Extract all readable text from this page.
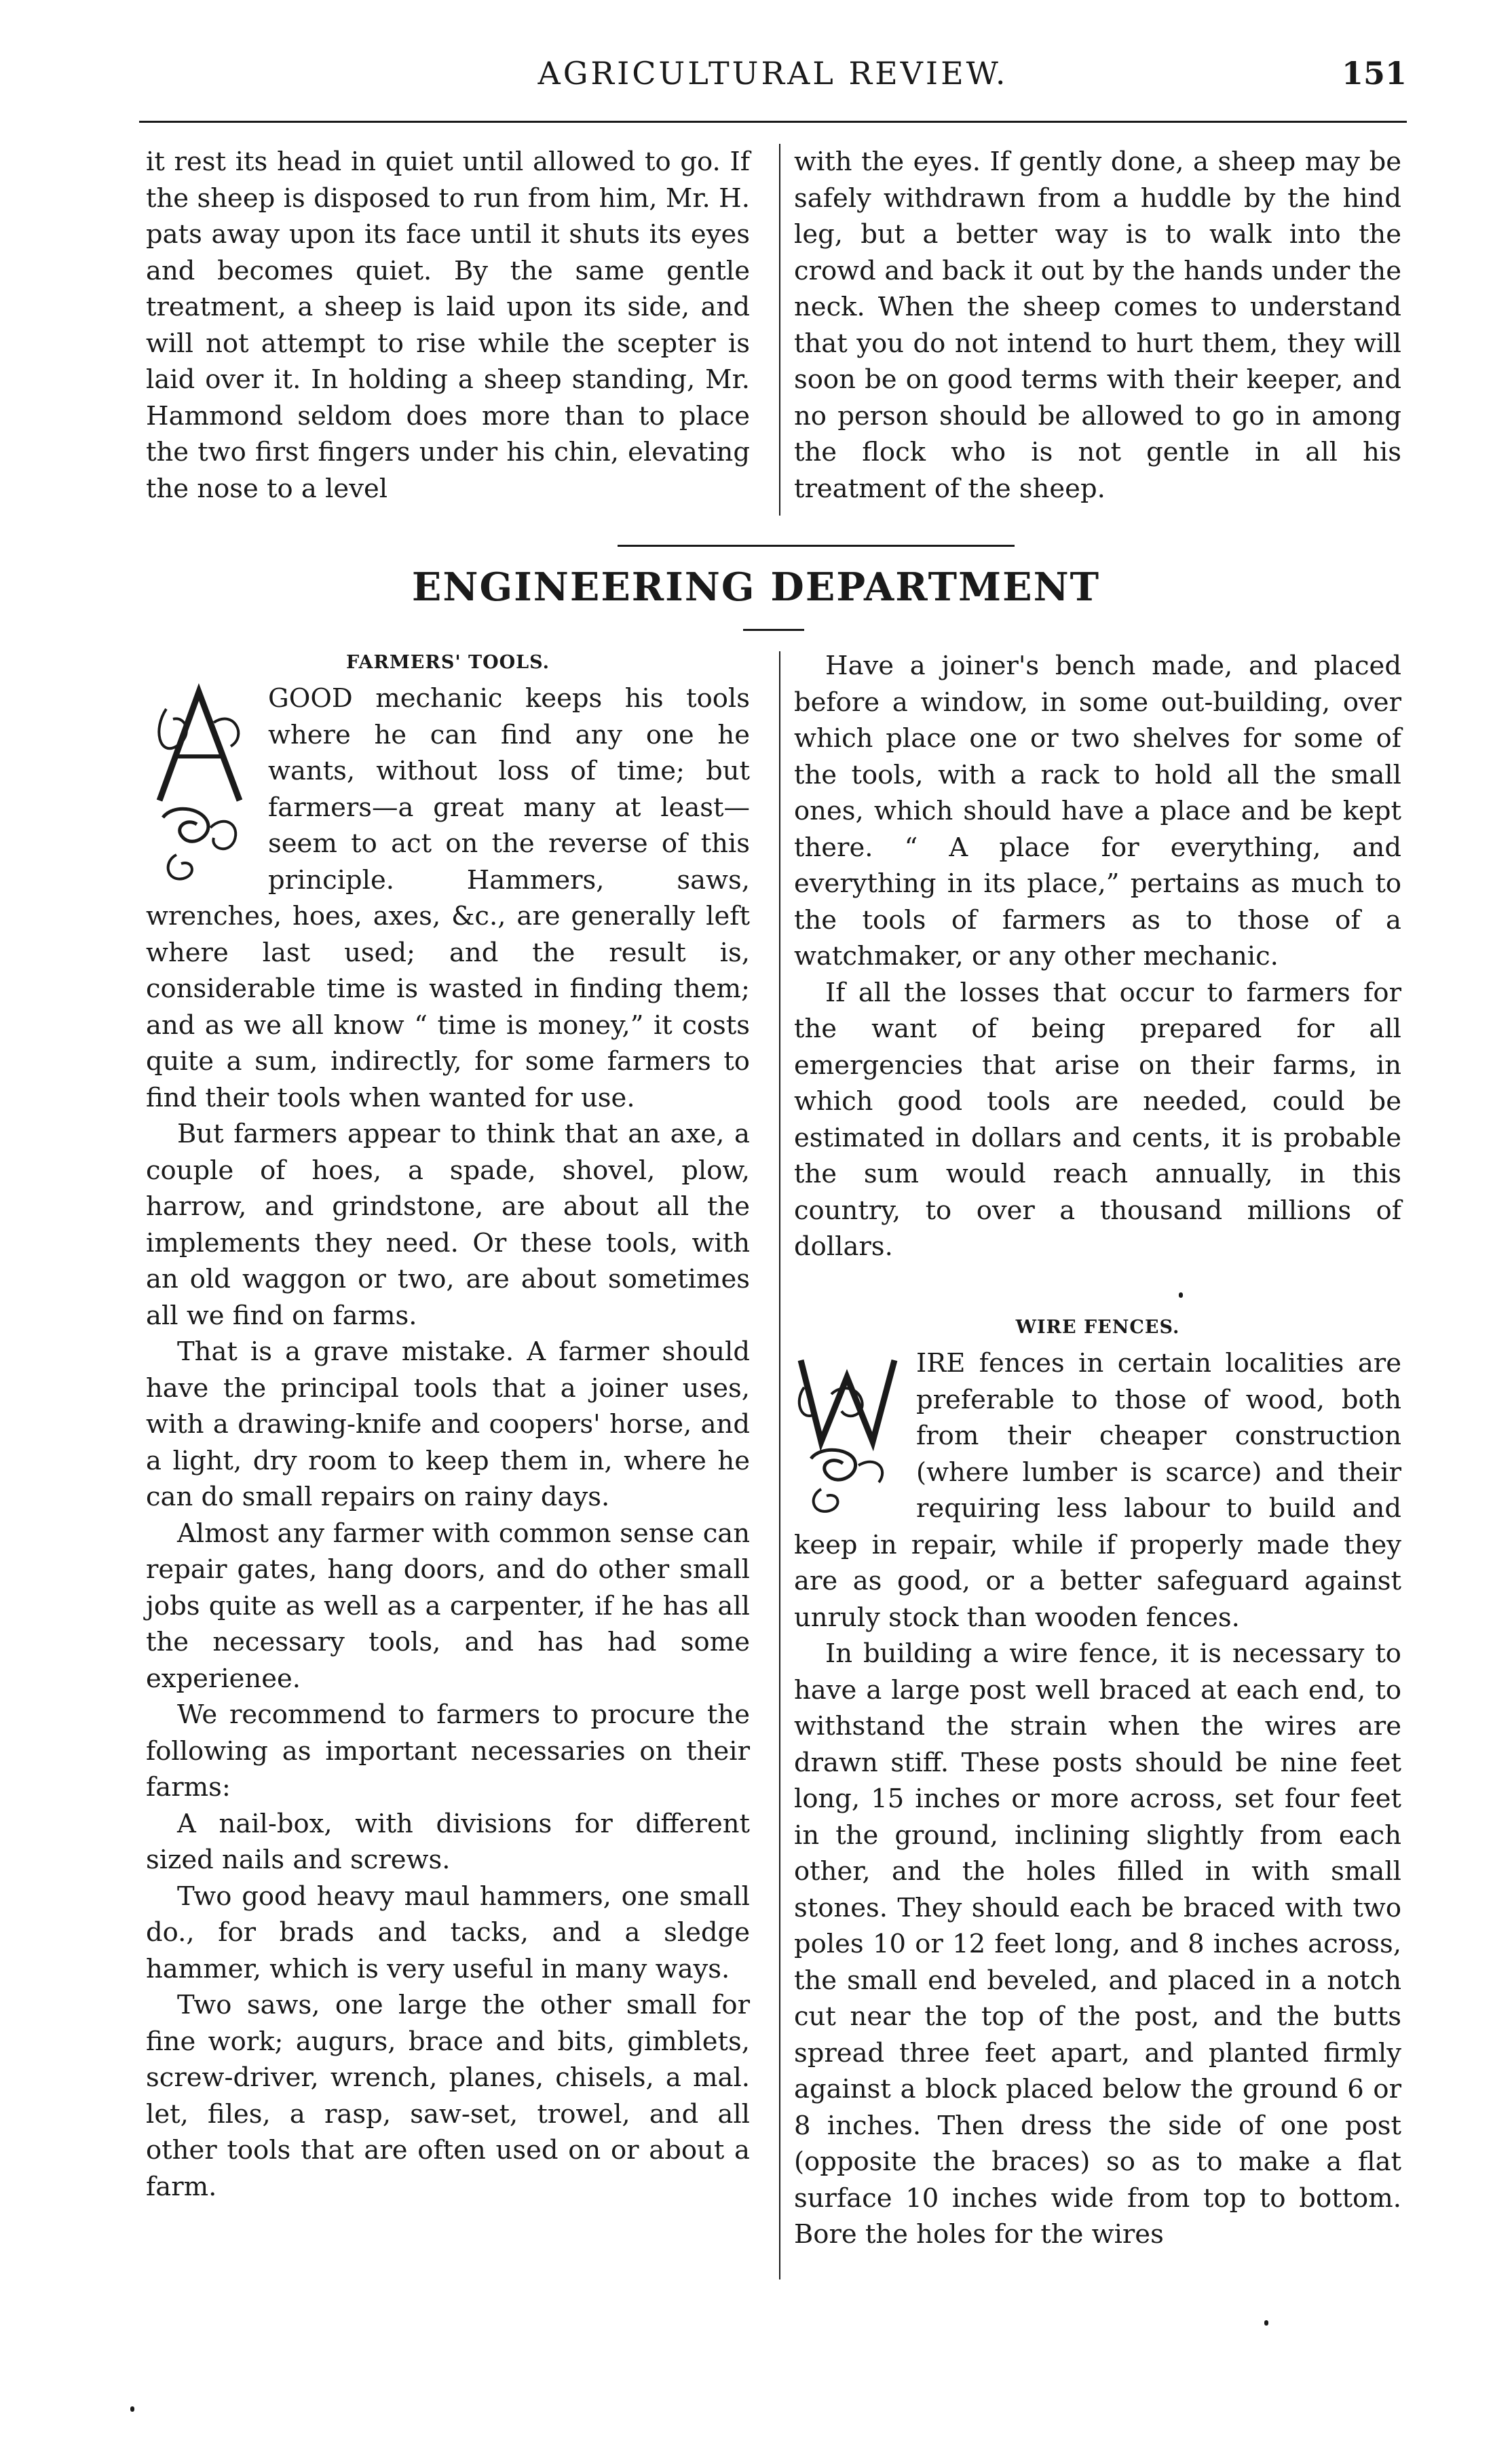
AGRICULTURAL REVIEW.	151

it rest its head in quiet until allowed to go. If the sheep is disposed to run from him, Mr. H. pats away upon its face until it shuts its eyes and becomes quiet. By the same gentle treatment, a sheep is laid upon its side, and will not attempt to rise while the scepter is laid over it. In holding a sheep standing, Mr. Hammond seldom does more than to place the two first fingers under his chin, elevating the nose to a level

with the eyes. If gently done, a sheep may be safely withdrawn from a huddle by the hind leg, but a better way is to walk into the crowd and back it out by the hands under the neck. When the sheep comes to understand that you do not intend to hurt them, they will soon be on good terms with their keeper, and no person should be allowed to go in among the flock who is not gentle in all his treatment of the sheep.

ENGINEERING DEPARTMENT
FARMERS' TOOLS.

GOOD mechanic keeps his tools where he can find any one he wants, without loss of time; but farmers—a great many at least—seem to act on the reverse of this principle. Hammers, saws, wrenches, hoes, axes, &c., are generally left where last used; and the result is, considerable time is wasted in finding them; and as we all know “ time is money,” it costs quite a sum, indirectly, for some farmers to find their tools when wanted for use.

But farmers appear to think that an axe, a couple of hoes, a spade, shovel, plow, harrow, and grindstone, are about all the implements they need. Or these tools, with an old waggon or two, are about sometimes all we find on farms.

That is a grave mistake. A farmer should have the principal tools that a joiner uses, with a drawing-knife and coopers' horse, and a light, dry room to keep them in, where he can do small repairs on rainy days.

Almost any farmer with common sense can repair gates, hang doors, and do other small jobs quite as well as a carpenter, if he has all the necessary tools, and has had some experienee.

We recommend to farmers to procure the following as important necessaries on their farms:

A nail-box, with divisions for different sized nails and screws.

Two good heavy maul hammers, one small do., for brads and tacks, and a sledge hammer, which is very useful in many ways.

Two saws, one large the other small for fine work; augurs, brace and bits, gimblets, screw-driver, wrench, planes, chisels, a mal. let, files, a rasp, saw-set, trowel, and all other tools that are often used on or about a farm.

Have a joiner's bench made, and placed before a window, in some out-building, over which place one or two shelves for some of the tools, with a rack to hold all the small ones, which should have a place and be kept there. “ A place for everything, and everything in its place,” pertains as much to the tools of farmers as to those of a watchmaker, or any other mechanic.

If all the losses that occur to farmers for the want of being prepared for all emergencies that arise on their farms, in which good tools are needed, could be estimated in dollars and cents, it is probable the sum would reach annually, in this country, to over a thousand millions of dollars.

WIRE FENCES.

IRE fences in certain localities are preferable to those of wood, both from their cheaper construction (where lumber is scarce) and their requiring less labour to build and keep in repair, while if properly made they are as good, or a better safeguard against unruly stock than wooden fences.

In building a wire fence, it is necessary to have a large post well braced at each end, to withstand the strain when the wires are drawn stiff. These posts should be nine feet long, 15 inches or more across, set four feet in the ground, inclining slightly from each other, and the holes filled in with small stones. They should each be braced with two poles 10 or 12 feet long, and 8 inches across, the small end beveled, and placed in a notch cut near the top of the post, and the butts spread three feet apart, and planted firmly against a block placed below the ground 6 or 8 inches. Then dress the side of one post (opposite the braces) so as to make a flat surface 10 inches wide from top to bottom. Bore the holes for the wires
